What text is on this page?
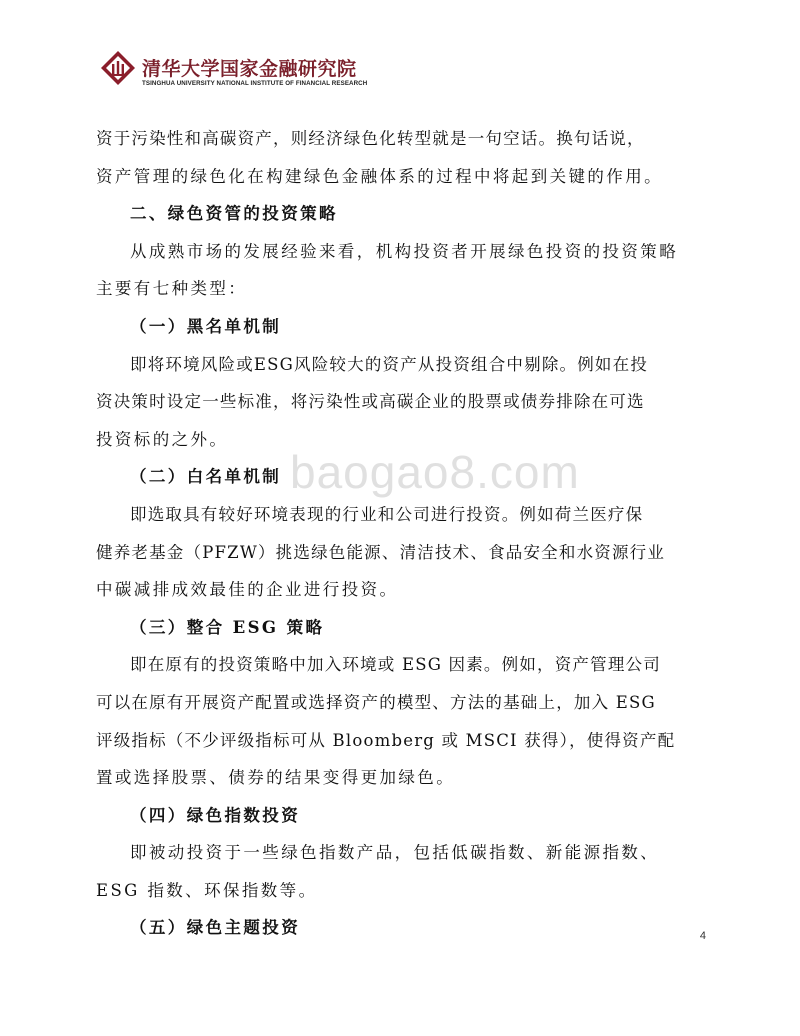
清华大学国家金融研究院
TSINGHUA UNIVERSITY NATIONAL INSTITUTE OF FINANCIAL RESEARCH
资于污染性和高碳资产，则经济绿色化转型就是一句空话。换句话说，
资产管理的绿色化在构建绿色金融体系的过程中将起到关键的作用。
二、绿色资管的投资策略
从成熟市场的发展经验来看，机构投资者开展绿色投资的投资策略
主要有七种类型：
（一）黑名单机制
即将环境风险或ESG风险较大的资产从投资组合中剔除。例如在投
资决策时设定一些标准，将污染性或高碳企业的股票或债券排除在可选
投资标的之外。
（二）白名单机制
即选取具有较好环境表现的行业和公司进行投资。例如荷兰医疗保
健养老基金（PFZW）挑选绿色能源、清洁技术、食品安全和水资源行业
中碳减排成效最佳的企业进行投资。
（三）整合 ESG 策略
即在原有的投资策略中加入环境或 ESG 因素。例如，资产管理公司
可以在原有开展资产配置或选择资产的模型、方法的基础上，加入 ESG
评级指标（不少评级指标可从 Bloomberg 或 MSCI 获得），使得资产配
置或选择股票、债券的结果变得更加绿色。
（四）绿色指数投资
即被动投资于一些绿色指数产品，包括低碳指数、新能源指数、
ESG 指数、环保指数等。
（五）绿色主题投资
baogao8.com
4
